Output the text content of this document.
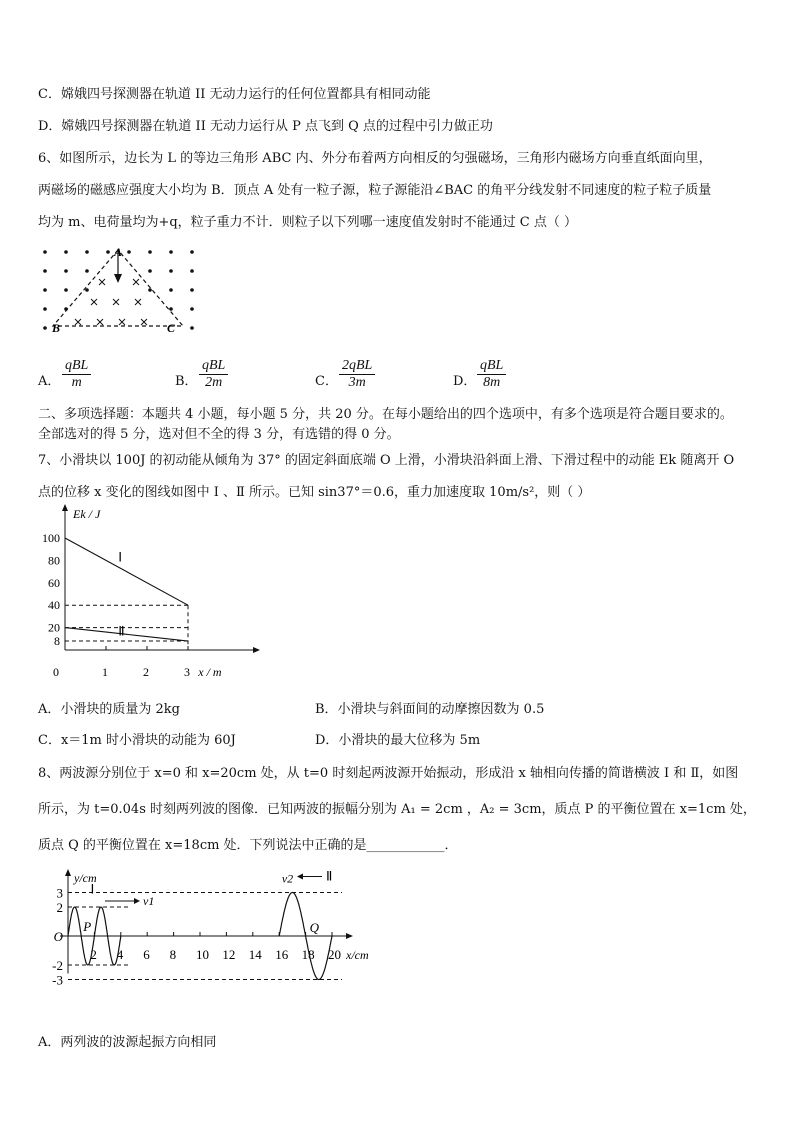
C．嫦娥四号探测器在轨道 II 无动力运行的任何位置都具有相同动能
D．嫦娥四号探测器在轨道 II 无动力运行从 P 点飞到 Q 点的过程中引力做正功
6、如图所示，边长为 L 的等边三角形 ABC 内、外分布着两方向相反的匀强磁场，三角形内磁场方向垂直纸面向里，
两磁场的磁感应强度大小均为 B．顶点 A 处有一粒子源，粒子源能沿∠BAC 的角平分线发射不同速度的粒子粒子质量
均为 m、电荷量均为+q，粒子重力不计．则粒子以下列哪一速度值发射时不能通过 C 点（ ）
A
B	C
A．
qBL
m	B．
qBL
2m	C．
2qBL
3m	D．
qBL
8m
二、多项选择题：本题共 4 小题，每小题 5 分，共 20 分。在每小题给出的四个选项中，有多个选项是符合题目要求的。
全部选对的得 5 分，选对但不全的得 3 分，有选错的得 0 分。
7、小滑块以 100J 的初动能从倾角为 37° 的固定斜面底端 O 上滑，小滑块沿斜面上滑、下滑过程中的动能 Ek 随离开 O
点的位移 x 变化的图线如图中 Ⅰ 、Ⅱ 所示。已知 sin37°＝0.6，重力加速度取 10m/s²，则（ ）
Ek / J
x / m
8
20
40
60
80
100
0	1	2	3
Ⅰ
Ⅱ
A．小滑块的质量为 2kg	B．小滑块与斜面间的动摩擦因数为 0.5
C．x＝1m 时小滑块的动能为 60J	D．小滑块的最大位移为 5m
8、两波源分别位于 x=0 和 x=20cm 处，从 t=0 时刻起两波源开始振动，形成沿 x 轴相向传播的简谐横波 Ⅰ 和 Ⅱ，如图
所示，为 t=0.04s 时刻两列波的图像．已知两波的振幅分别为 A₁ = 2cm ，A₂ = 3cm，质点 P 的平衡位置在 x=1cm 处，
质点 Q 的平衡位置在 x=18cm 处．下列说法中正确的是____________．
y/cm
x/cm
3
2
O
-2
-3
2 4 6 8 10 12 14 16 18 20
Ⅰ
v1
Ⅱ
v2
P	Q
A．两列波的波源起振方向相同
